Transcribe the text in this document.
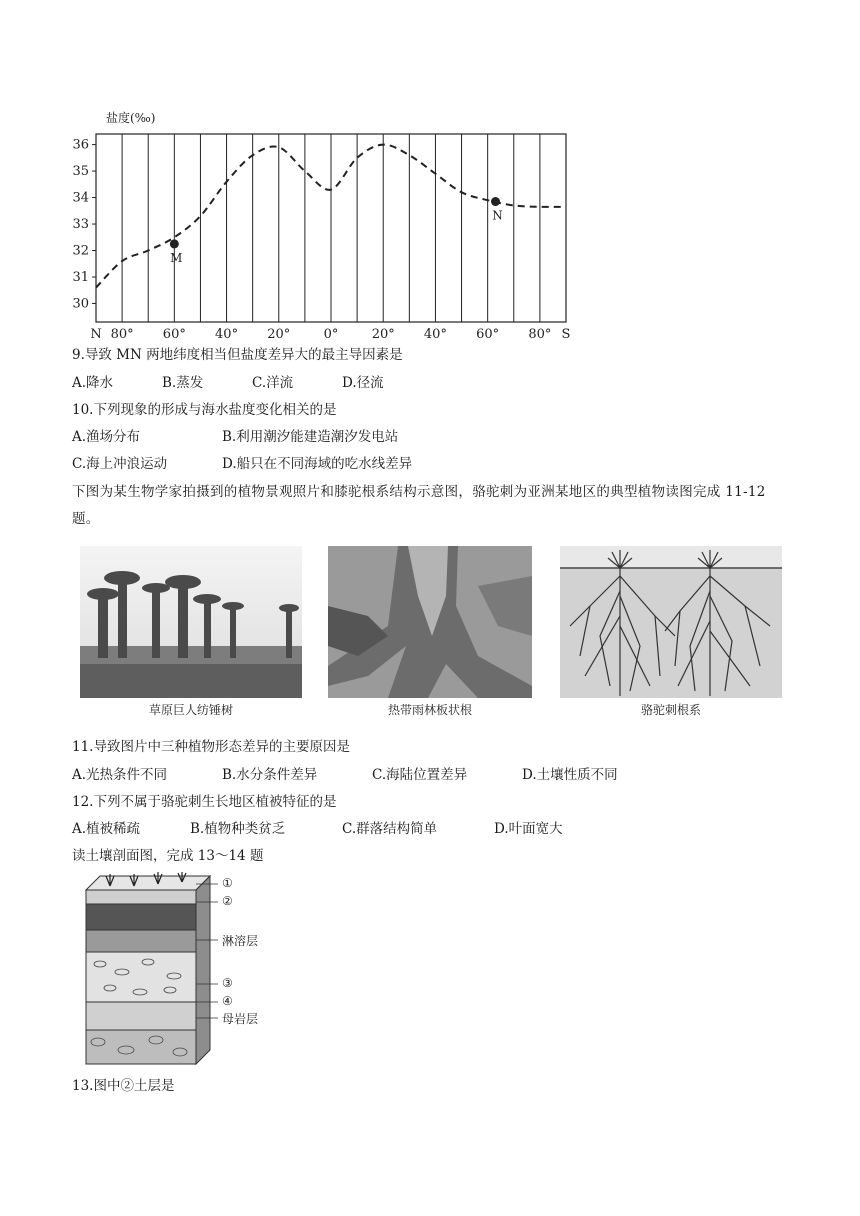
30
31
32
33
34
35
36
N 80° 60° 40° 20°	0°	20° 40° 60° 80° S
M
N
盐度(‰)
9.导致 MN 两地纬度相当但盐度差异大的最主导因素是
A.降水	B.蒸发	C.洋流	D.径流
10.下列现象的形成与海水盐度变化相关的是
A.渔场分布	B.利用潮汐能建造潮汐发电站
C.海上冲浪运动	D.船只在不同海域的吃水线差异
下图为某生物学家拍摄到的植物景观照片和膝驼根系结构示意图，骆驼刺为亚洲某地区的典型植物读图完成 11-12 题。
草原巨人纺锤树	热带雨林板状根	骆驼刺根系
11.导致图片中三种植物形态差异的主要原因是
A.光热条件不同	B.水分条件差异	C.海陆位置差异	D.土壤性质不同
12.下列不属于骆驼刺生长地区植被特征的是
A.植被稀疏	B.植物种类贫乏	C.群落结构简单	D.叶面宽大
读土壤剖面图，完成 13～14 题
①
②
淋溶层
③
④
母岩层
13.图中②土层是
